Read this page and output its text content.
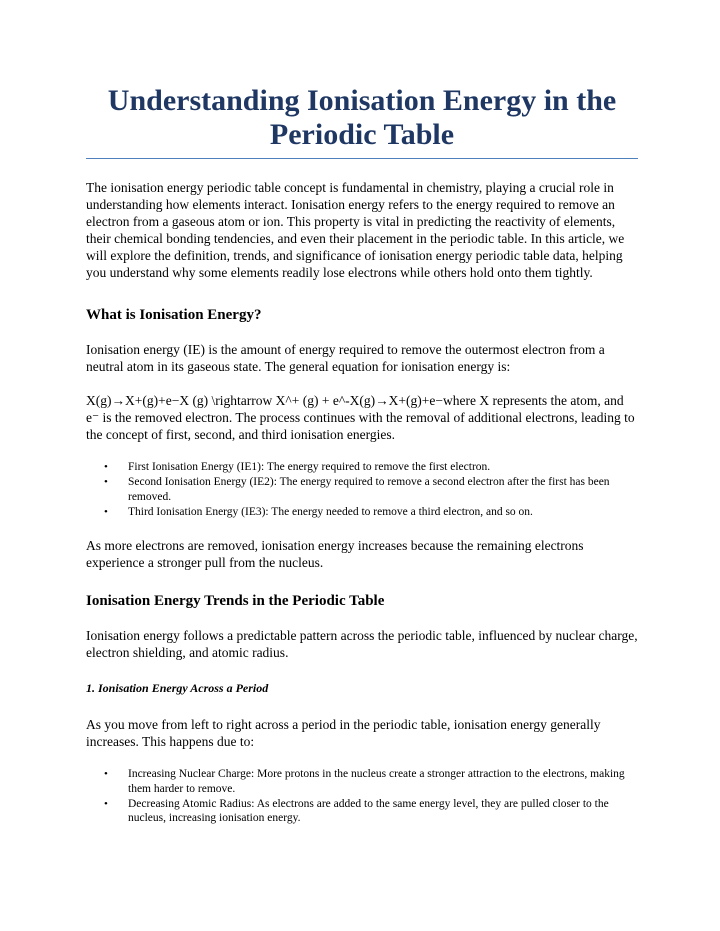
Understanding Ionisation Energy in the Periodic Table

The ionisation energy periodic table concept is fundamental in chemistry, playing a crucial role in understanding how elements interact. Ionisation energy refers to the energy required to remove an electron from a gaseous atom or ion. This property is vital in predicting the reactivity of elements, their chemical bonding tendencies, and even their placement in the periodic table. In this article, we will explore the definition, trends, and significance of ionisation energy periodic table data, helping you understand why some elements readily lose electrons while others hold onto them tightly.

What is Ionisation Energy?

Ionisation energy (IE) is the amount of energy required to remove the outermost electron from a neutral atom in its gaseous state. The general equation for ionisation energy is:

X(g)→X+(g)+e−X (g) \rightarrow X^+ (g) + e^-X(g)→X+(g)+e−where X represents the atom, and e⁻ is the removed electron. The process continues with the removal of additional electrons, leading to the concept of first, second, and third ionisation energies.

• First Ionisation Energy (IE1): The energy required to remove the first electron.
• Second Ionisation Energy (IE2): The energy required to remove a second electron after the first has been removed.
• Third Ionisation Energy (IE3): The energy needed to remove a third electron, and so on.

As more electrons are removed, ionisation energy increases because the remaining electrons experience a stronger pull from the nucleus.

Ionisation Energy Trends in the Periodic Table

Ionisation energy follows a predictable pattern across the periodic table, influenced by nuclear charge, electron shielding, and atomic radius.

1. Ionisation Energy Across a Period

As you move from left to right across a period in the periodic table, ionisation energy generally increases. This happens due to:

• Increasing Nuclear Charge: More protons in the nucleus create a stronger attraction to the electrons, making them harder to remove.
• Decreasing Atomic Radius: As electrons are added to the same energy level, they are pulled closer to the nucleus, increasing ionisation energy.
